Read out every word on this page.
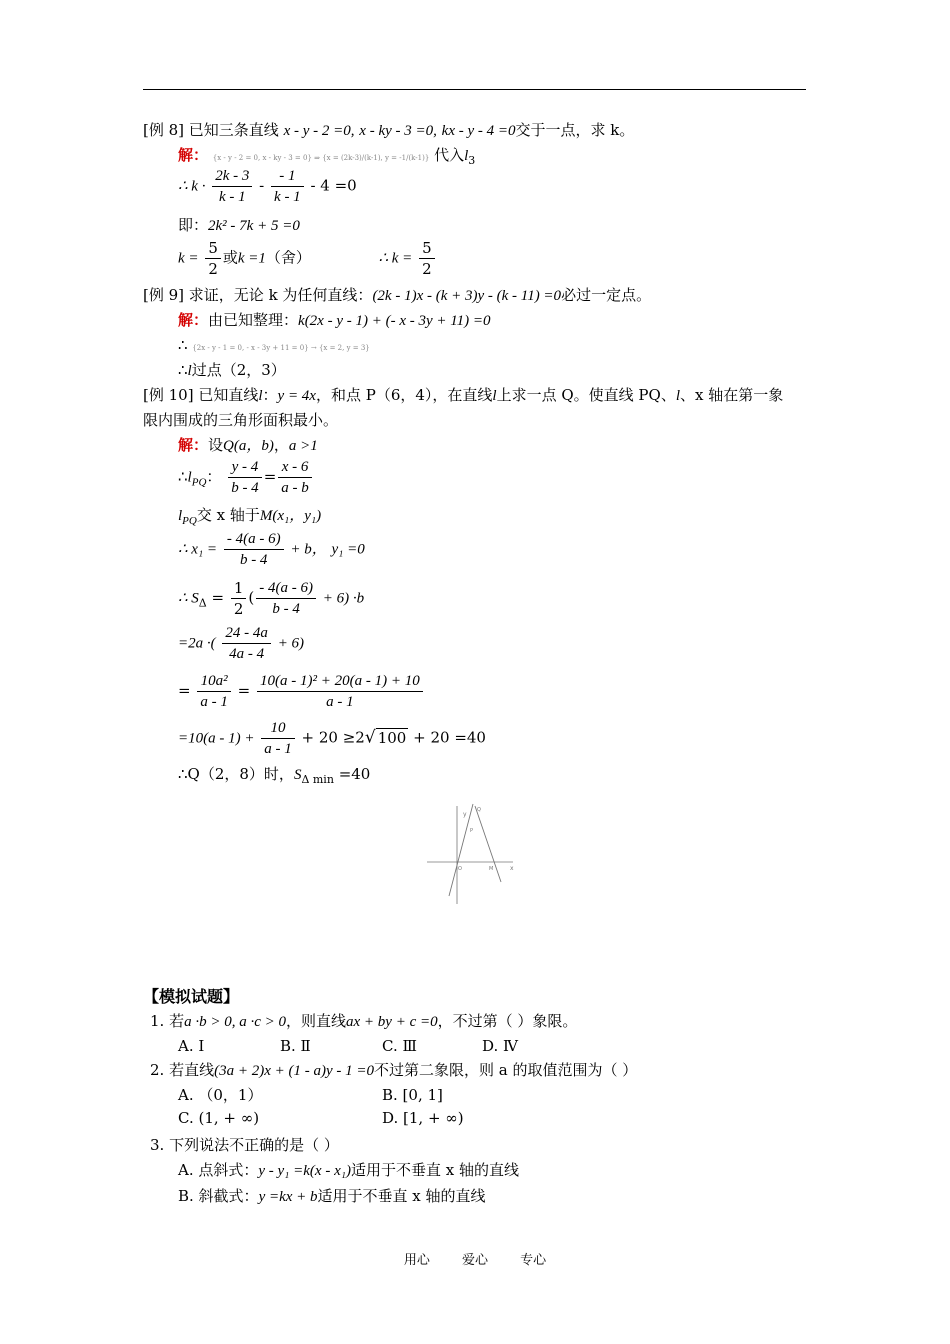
[例 8] 已知三条直线 x - y - 2 =0, x - ky - 3 =0, kx - y - 4 =0交于一点，求 k。
解： {x - y - 2 = 0, x - ky - 3 = 0} ⇒ {x = (2k-3)/(k-1), y = -1/(k-1)} 代入$l_3$
∴ $k \cdot \frac{2k - 3}{k - 1} - \frac{- 1}{k - 1} - 4 =0$
即：2k² - 7k + 5 =0
$k = \frac{5}{2}$ 或k =1（舍）	∴ $k = \frac{5}{2}$
[例 9] 求证，无论 k 为任何直线：(2k - 1)x - (k + 3)y - (k - 11) =0必过一定点。
解：由已知整理：k(2x - y - 1) + (- x - 3y + 11) =0
∴ {2x - y - 1 = 0, - x - 3y + 11 = 0} → {x = 2, y = 3}
∴l过点（2，3）
[例 10] 已知直线l：y = 4x，和点 P（6，4），在直线l上求一点 Q。使直线 PQ、l、x 轴在第一象
限内围成的三角形面积最小。
解：设Q(a，b)，a >1
$\therefore l_{PQ}$： $\frac{y - 4}{b - 4} = \frac{x - 6}{a - b}$
$l_{PQ}$交 x 轴于M(x₁，y₁)
∴ $x_1 = \frac{- 4(a - 6)}{b - 4} + b$， y₁ =0
∴ $S_\Delta = \frac{1}{2}$ ( $\frac{- 4(a - 6)}{b - 4} + 6) \cdot b$
=2a ·( $\frac{24 - 4a}{4a - 4} + 6$)
= $\frac{\text{10a²}}{a - 1} = \frac{\text{10(a - 1)² + 20(a - 1) + 10}}{a - 1}$
$=10(a - 1) + \frac{10}{a - 1} + 20 \ge 2√$ 100 + 20 =40
∴Q（2，8）时，$S_{\Delta min} =40$
y
x
O
Q
P
M
【模拟试题】
1. 若a ·b > 0, a ·c > 0，则直线ax + by + c =0，不过第（ ）象限。
A. Ⅰ	B. Ⅱ	C. Ⅲ	D. Ⅳ
2. 若直线(3a + 2)x + (1 - a)y - 1 =0不过第二象限，则 a 的取值范围为（ ）
A. （0，1）	B. [0, 1]
C. (1, + ∞)	D. [1, + ∞)
3. 下列说法不正确的是（ ）
A. 点斜式：y - y₁ =k(x - x₁)适用于不垂直 x 轴的直线
B. 斜截式：y =kx + b适用于不垂直 x 轴的直线
用心 爱心 专心
